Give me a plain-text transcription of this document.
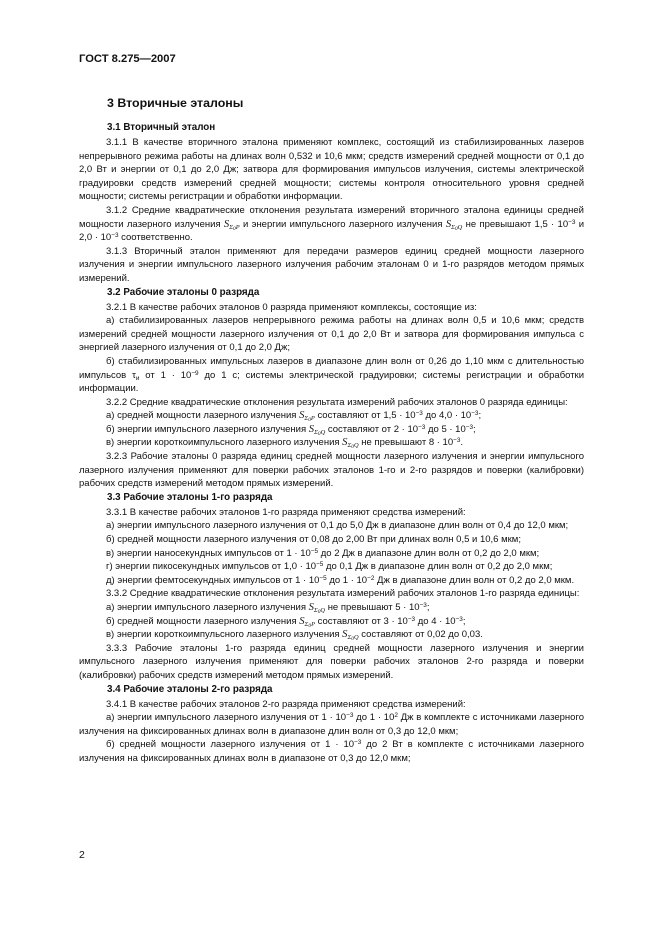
ГОСТ 8.275—2007
3 Вторичные эталоны
3.1 Вторичный эталон

3.1.1 В качестве вторичного эталона применяют комплекс, состоящий из стабилизированных лазеров непрерывного режима работы на длинах волн 0,532 и 10,6 мкм; средств измерений средней мощности от 0,1 до 2,0 Вт и энергии от 0,1 до 2,0 Дж; затвора для формирования импульсов излучения, системы электрической градуировки средств измерений средней мощности; системы контроля относительного уровня средней мощности; системы регистрации и обработки информации.

3.1.2 Средние квадратические отклонения результата измерений вторичного эталона единицы средней мощности лазерного излучения $S_{\Sigma_0P}$ и энергии импульсного лазерного излучения $S_{\Sigma_0Q}$ не превышают $1,5 \cdot 10^{-3}$ и $2,0 \cdot 10^{-3}$ соответственно.

3.1.3 Вторичный эталон применяют для передачи размеров единиц средней мощности лазерного излучения и энергии импульсного лазерного излучения рабочим эталонам 0 и 1-го разрядов методом прямых измерений.

3.2 Рабочие эталоны 0 разряда

3.2.1 В качестве рабочих эталонов 0 разряда применяют комплексы, состоящие из:

а) стабилизированных лазеров непрерывного режима работы на длинах волн 0,5 и 10,6 мкм; средств измерений средней мощности лазерного излучения от 0,1 до 2,0 Вт и затвора для формирования импульса с энергией лазерного излучения от 0,1 до 2,0 Дж;

б) стабилизированных импульсных лазеров в диапазоне длин волн от 0,26 до 1,10 мкм с длительностью импульсов $\tau_и$ от $1 \cdot 10^{-9}$ до 1 с; системы электрической градуировки; системы регистрации и обработки информации.

3.2.2 Средние квадратические отклонения результата измерений рабочих эталонов 0 разряда единицы:

а) средней мощности лазерного излучения $S_{\Sigma_0P}$ составляют от $1,5 \cdot 10^{-3}$ до $4,0 \cdot 10^{-3}$;

б) энергии импульсного лазерного излучения $S_{\Sigma_0Q}$ составляют от $2 \cdot 10^{-3}$ до $5 \cdot 10^{-3}$;

в) энергии короткоимпульсного лазерного излучения $S_{\Sigma_0Q}$ не превышают $8 \cdot 10^{-3}$.

3.2.3 Рабочие эталоны 0 разряда единиц средней мощности лазерного излучения и энергии импульсного лазерного излучения применяют для поверки рабочих эталонов 1-го и 2-го разрядов и поверки (калибровки) рабочих средств измерений методом прямых измерений.

3.3 Рабочие эталоны 1-го разряда

3.3.1 В качестве рабочих эталонов 1-го разряда применяют средства измерений:

а) энергии импульсного лазерного излучения от 0,1 до 5,0 Дж в диапазоне длин волн от 0,4 до 12,0 мкм;

б) средней мощности лазерного излучения от 0,08 до 2,00 Вт при длинах волн 0,5 и 10,6 мкм;

в) энергии наносекундных импульсов от $1 \cdot 10^{-5}$ до 2 Дж в диапазоне длин волн от 0,2 до 2,0 мкм;

г) энергии пикосекундных импульсов от $1,0 \cdot 10^{-5}$ до 0,1 Дж в диапазоне длин волн от 0,2 до 2,0 мкм;

д) энергии фемтосекундных импульсов от $1 \cdot 10^{-5}$ до $1 \cdot 10^{-2}$ Дж в диапазоне длин волн от 0,2 до 2,0 мкм.

3.3.2 Средние квадратические отклонения результата измерений рабочих эталонов 1-го разряда единицы:

а) энергии импульсного лазерного излучения $S_{\Sigma_0Q}$ не превышают $5 \cdot 10^{-3}$;

б) средней мощности лазерного излучения $S_{\Sigma_0P}$ составляют от $3 \cdot 10^{-3}$ до $4 \cdot 10^{-3}$;

в) энергии короткоимпульсного лазерного излучения $S_{\Sigma_0Q}$ составляют от 0,02 до 0,03.

3.3.3 Рабочие эталоны 1-го разряда единиц средней мощности лазерного излучения и энергии импульсного лазерного излучения применяют для поверки рабочих эталонов 2-го разряда и поверки (калибровки) рабочих средств измерений методом прямых измерений.

3.4 Рабочие эталоны 2-го разряда

3.4.1 В качестве рабочих эталонов 2-го разряда применяют средства измерений:

а) энергии импульсного лазерного излучения от $1 \cdot 10^{-3}$ до $1 \cdot 10^2$ Дж в комплекте с источниками лазерного излучения на фиксированных длинах волн в диапазоне длин волн от 0,3 до 12,0 мкм;

б) средней мощности лазерного излучения от $1 \cdot 10^{-3}$ до 2 Вт в комплекте с источниками лазерного излучения на фиксированных длинах волн в диапазоне от 0,3 до 12,0 мкм;

2
